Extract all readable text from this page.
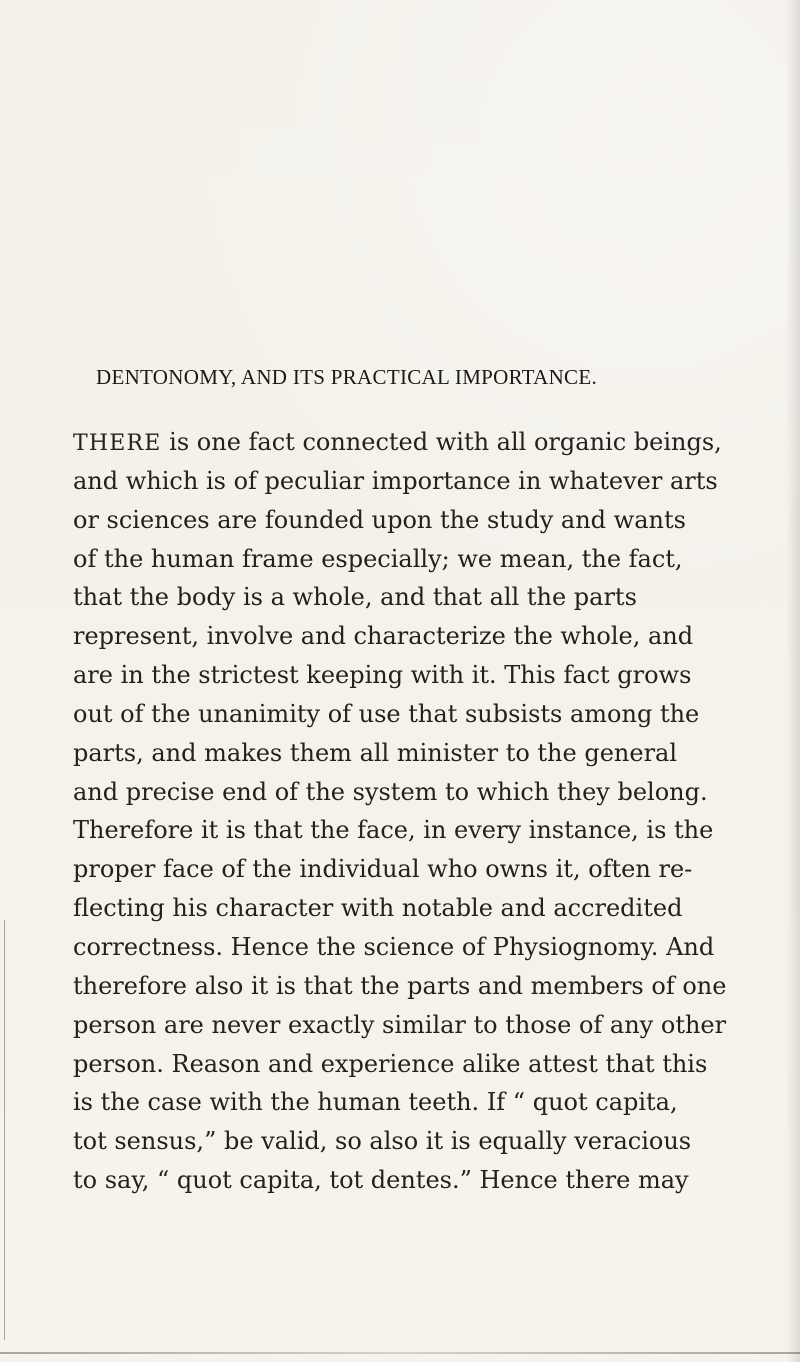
DENTONOMY, AND ITS PRACTICAL IMPORTANCE.
THERE is one fact connected with all organic beings,
and which is of peculiar importance in whatever arts
or sciences are founded upon the study and wants
of the human frame especially; we mean, the fact,
that the body is a whole, and that all the parts
represent, involve and characterize the whole, and
are in the strictest keeping with it. This fact grows
out of the unanimity of use that subsists among the
parts, and makes them all minister to the general
and precise end of the system to which they belong.
Therefore it is that the face, in every instance, is the
proper face of the individual who owns it, often re-
flecting his character with notable and accredited
correctness. Hence the science of Physiognomy. And
therefore also it is that the parts and members of one
person are never exactly similar to those of any other
person. Reason and experience alike attest that this
is the case with the human teeth. If “ quot capita,
tot sensus,” be valid, so also it is equally veracious
to say, “ quot capita, tot dentes.” Hence there may
